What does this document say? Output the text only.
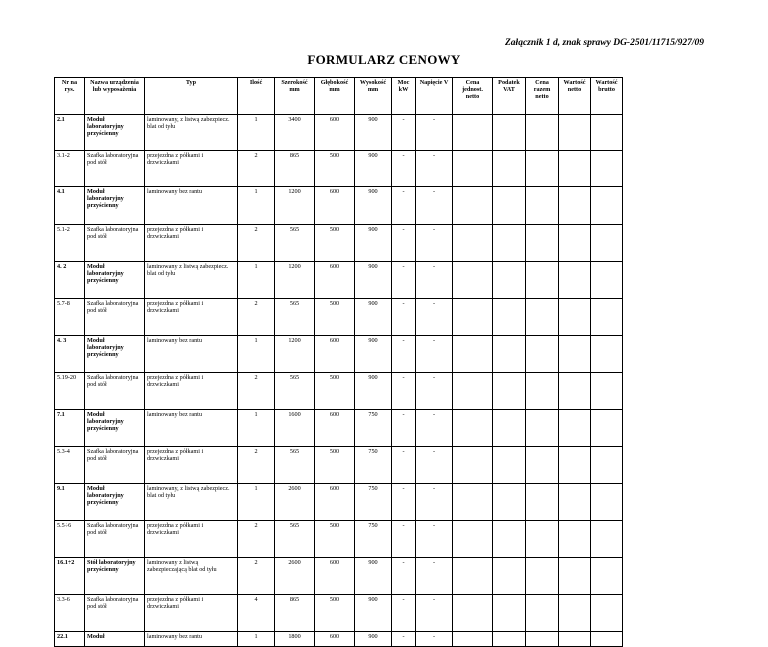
Załącznik 1 d, znak sprawy DG-2501/11715/927/09
FORMULARZ CENOWY
Nr na rys.	Nazwa urządzenia lub wyposażenia	Typ	Ilość	Szerokość mm	Głębokość mm	Wysokość mm	Moc kW	Napięcie V	Cena jednost. netto	Podatek VAT	Cena razem netto	Wartość netto	Wartość brutto
2.1	Moduł laboratoryjny przyścienny	laminowany, z listwą zabezpiecz. blat od tyłu	1	3400	600	900	-	-					
3.1-2	Szafka laboratoryjna pod stół	przejezdna z półkami i drzwiczkami	2	865	500	900	-	-					
4.1	Moduł laboratoryjny przyścienny	laminowany bez rantu	1	1200	600	900	-	-					
5.1-2	Szafka laboratoryjna pod stół	przejezdna z półkami i drzwiczkami	2	565	500	900	-	-					
4. 2	Moduł laboratoryjny przyścienny	laminowany z listwą zabezpiecz. blat od tyłu	1	1200	600	900	-	-					
5.7-8	Szafka laboratoryjna pod stół	przejezdna z półkami i drzwiczkami	2	565	500	900	-	-					
4. 3	Moduł laboratoryjny przyścienny	laminowany bez rantu	1	1200	600	900	-	-					
5.19-20	Szafka laboratoryjna pod stół	przejezdna z półkami i drzwiczkami	2	565	500	900	-	-					
7.1	Moduł laboratoryjny przyścienny	laminowany bez rantu	1	1600	600	750	-	-					
5.3-4	Szafka laboratoryjna pod stół	przejezdna z półkami i drzwiczkami	2	565	500	750	-	-					
9.1	Moduł laboratoryjny przyścienny	laminowany, z listwą zabezpiecz. blat od tyłu	1	2600	600	750	-	-					
5.5÷6	Szafka laboratoryjna pod stół	przejezdna z półkami i drzwiczkami	2	565	500	750	-	-					
16.1÷2	Stół laboratoryjny przyścienny	laminowany z listwą zabezpieczającą blat od tyłu	2	2600	600	900	-	-					
3.3-6	Szafka laboratoryjna pod stół	przejezdna z półkami i drzwiczkami	4	865	500	900	-	-					
22.1	Moduł	laminowany bez rantu	1	1800	600	900	-	-					
